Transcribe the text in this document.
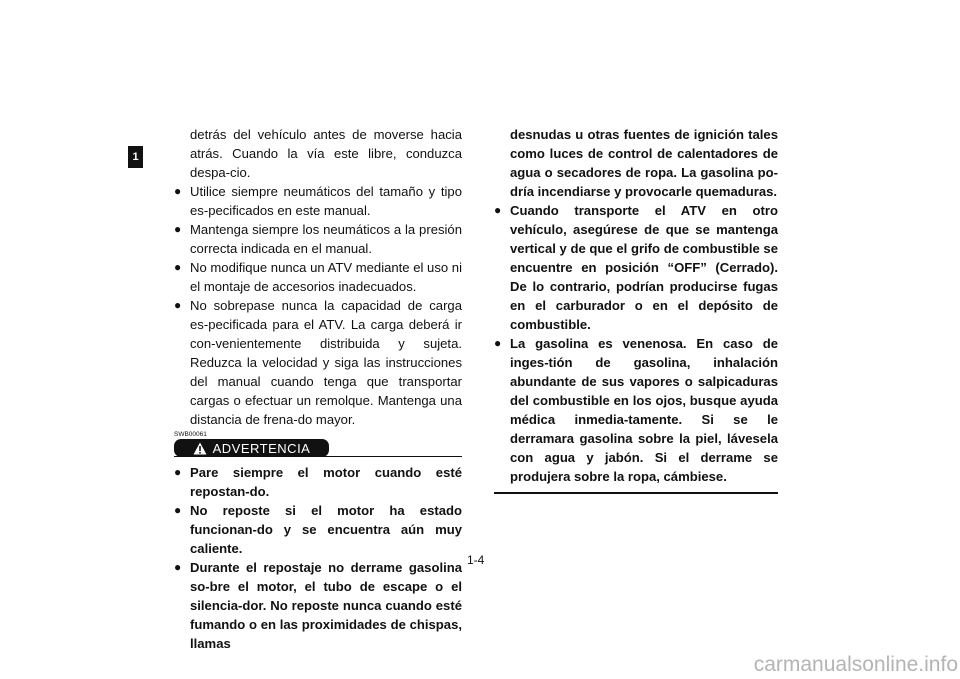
1

detrás del vehículo antes de moverse hacia atrás. Cuando la vía este libre, conduzca despa-cio.

● Utilice siempre neumáticos del tamaño y tipo es-pecificados en este manual.

● Mantenga siempre los neumáticos a la presión correcta indicada en el manual.

● No modifique nunca un ATV mediante el uso ni el montaje de accesorios inadecuados.

● No sobrepase nunca la capacidad de carga es-pecificada para el ATV. La carga deberá ir con-venientemente distribuida y sujeta. Reduzca la velocidad y siga las instrucciones del manual cuando tenga que transportar cargas o efectuar un remolque. Mantenga una distancia de frena-do mayor.

SWB00061
ADVERTENCIA

● Pare siempre el motor cuando esté repostan-do.

● No reposte si el motor ha estado funcionan-do y se encuentra aún muy caliente.

● Durante el repostaje no derrame gasolina so-bre el motor, el tubo de escape o el silencia-dor. No reposte nunca cuando esté fumando o en las proximidades de chispas, llamas

desnudas u otras fuentes de ignición tales como luces de control de calentadores de agua o secadores de ropa. La gasolina po-dría incendiarse y provocarle quemaduras.

● Cuando transporte el ATV en otro vehículo, asegúrese de que se mantenga vertical y de que el grifo de combustible se encuentre en posición “OFF” (Cerrado). De lo contrario, podrían producirse fugas en el carburador o en el depósito de combustible.

● La gasolina es venenosa. En caso de inges-tión de gasolina, inhalación abundante de sus vapores o salpicaduras del combustible en los ojos, busque ayuda médica inmedia-tamente. Si se le derramara gasolina sobre la piel, lávesela con agua y jabón. Si el derrame se produjera sobre la ropa, cámbiese.

1-4
carmanualsonline.info
